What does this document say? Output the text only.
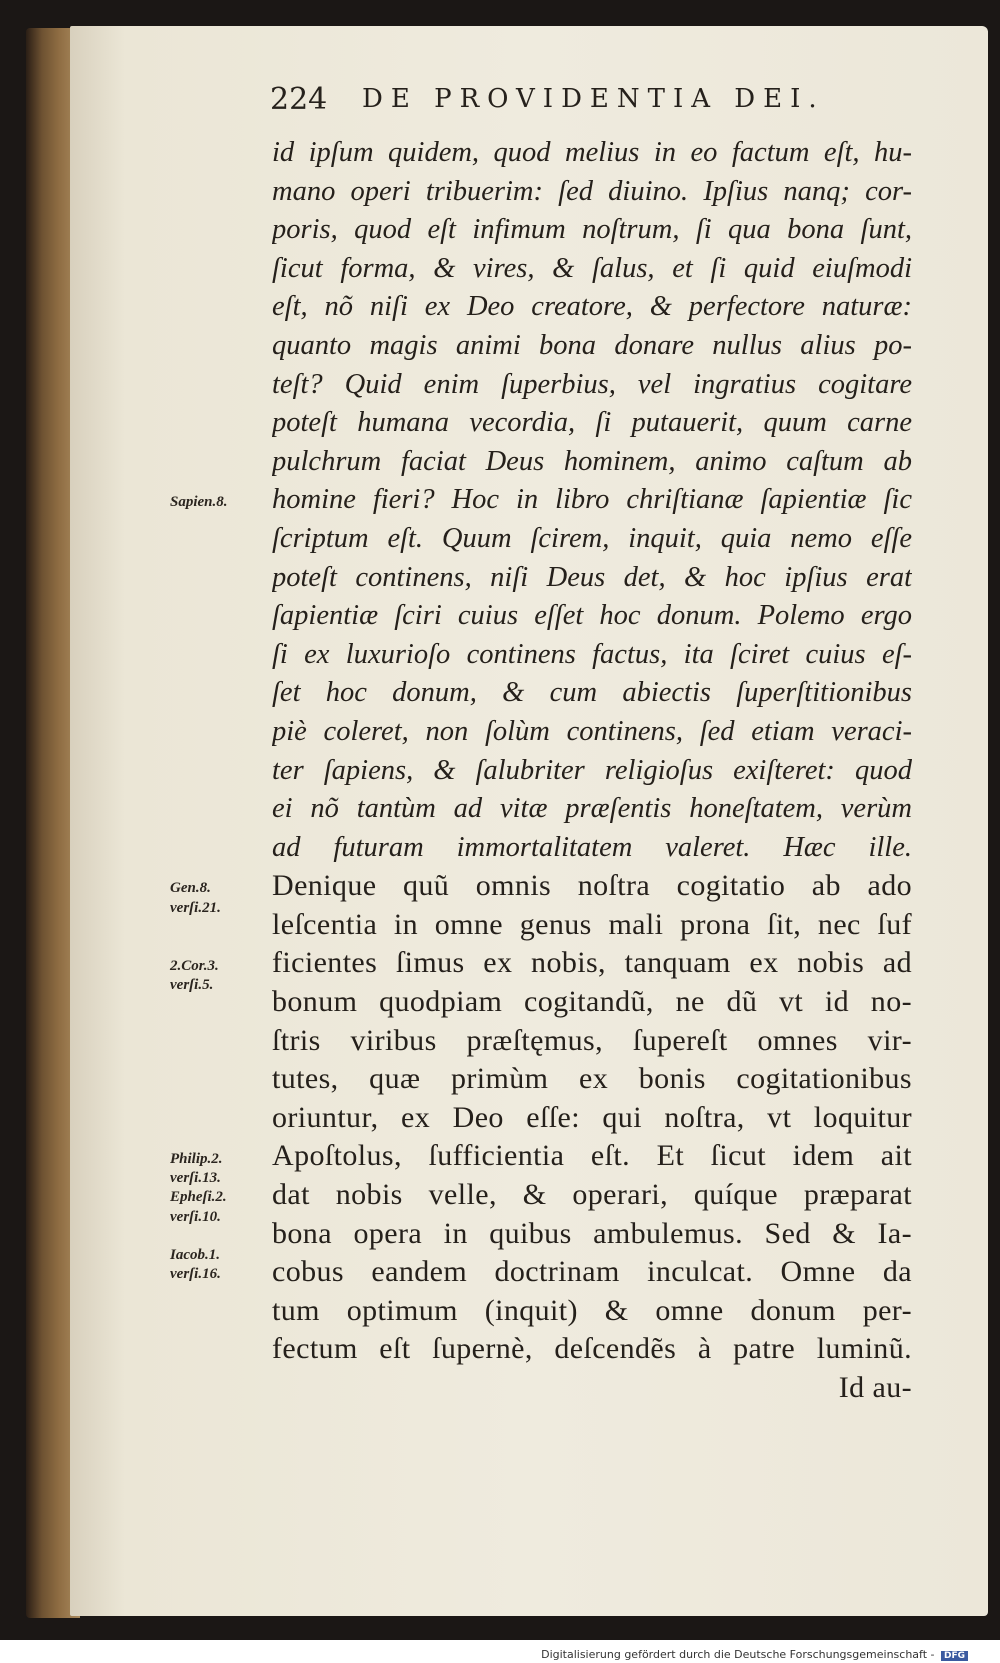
224 DE PROVIDENTIA DEI.
id ipſum quidem, quod melius in eo factum eſt, hu-
mano operi tribuerim: ſed diuino. Ipſius nanq; cor-
poris, quod eſt infimum noſtrum, ſi qua bona ſunt,
ſicut forma, & vires, & ſalus, et ſi quid eiuſmodi
eſt, nõ niſi ex Deo creatore, & perfectore naturæ:
quanto magis animi bona donare nullus alius po-
teſt? Quid enim ſuperbius, vel ingratius cogitare
poteſt humana vecordia, ſi putauerit, quum carne
pulchrum faciat Deus hominem, animo caſtum ab
homine fieri? Hoc in libro chriſtianæ ſapientiæ ſic
ſcriptum eſt. Quum ſcirem, inquit, quia nemo eſſe
poteſt continens, niſi Deus det, & hoc ipſius erat
ſapientiæ ſciri cuius eſſet hoc donum. Polemo ergo
ſi ex luxurioſo continens factus, ita ſciret cuius eſ-
ſet hoc donum, & cum abiectis ſuperſtitionibus
piè coleret, non ſolùm continens, ſed etiam veraci-
ter ſapiens, & ſalubriter religioſus exiſteret: quod
ei nõ tantùm ad vitæ præſentis honeſtatem, verùm
ad futuram immortalitatem valeret. Hæc ille.
Denique quũ omnis noſtra cogitatio ab ado
leſcentia in omne genus mali prona ſit, nec ſuf
ficientes ſimus ex nobis, tanquam ex nobis ad
bonum quodpiam cogitandũ, ne dũ vt id no-
ſtris viribus præſtęmus, ſupereſt omnes vir-
tutes, quæ primùm ex bonis cogitationibus
oriuntur, ex Deo eſſe: qui noſtra, vt loquitur
Apoſtolus, ſufficientia eſt. Et ſicut idem ait
dat nobis velle, & operari, quíque præparat
bona opera in quibus ambulemus. Sed & Ia-
cobus eandem doctrinam inculcat. Omne da
tum optimum (inquit) & omne donum per-
fectum eſt ſupernè, deſcendẽs à patre luminũ.
Id au-
Sapien.8.
Gen.8.
verſi.21.
2.Cor.3.
verſi.5.
Philip.2.
verſi.13.
Epheſi.2.
verſi.10.
Iacob.1.
verſi.16.
Digitalisierung gefördert durch die Deutsche Forschungsgemeinschaft - DFG
